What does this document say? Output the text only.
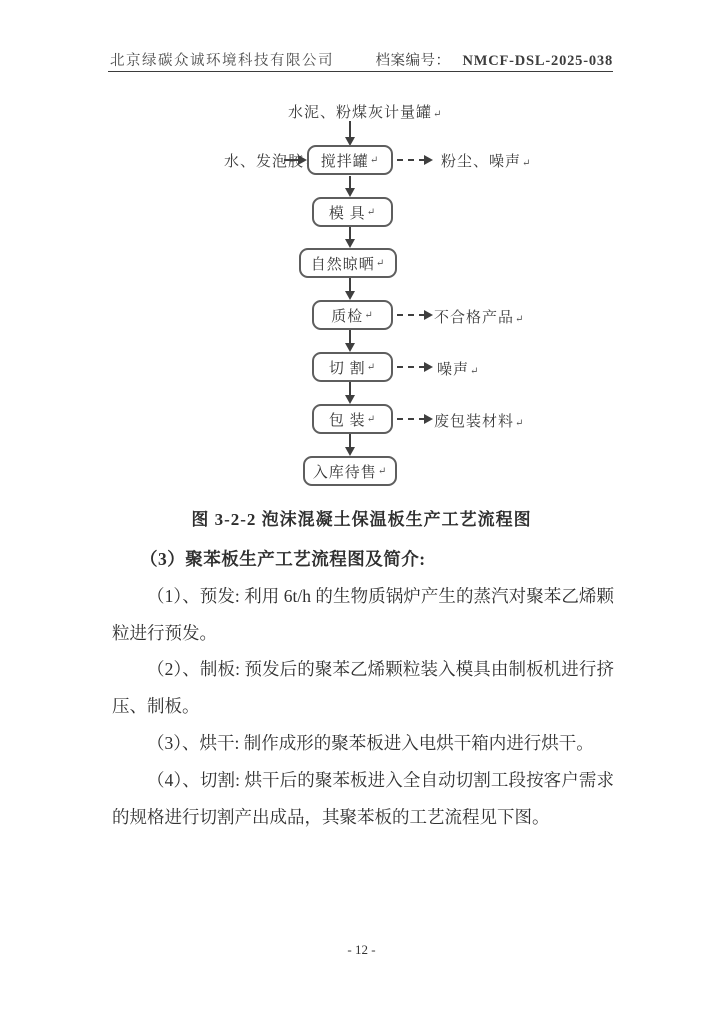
北京绿碳众诚环境科技有限公司	档案编号： NMCF-DSL-2025-038
水泥、粉煤灰计量罐↵
水、发泡胶	搅拌罐 ↵	粉尘、噪声↵
模 具 ↵
自然晾晒 ↵
质检 ↵	不合格产品↵
切 割 ↵	噪声↵
包 装 ↵	废包装材料↵
入库待售 ↵
图 3-2-2 泡沫混凝土保温板生产工艺流程图

（3）聚苯板生产工艺流程图及简介:

（1）、预发: 利用 6t/h 的生物质锅炉产生的蒸汽对聚苯乙烯颗粒进行预发。

（2）、制板: 预发后的聚苯乙烯颗粒装入模具由制板机进行挤压、制板。

（3）、烘干: 制作成形的聚苯板进入电烘干箱内进行烘干。

（4）、切割: 烘干后的聚苯板进入全自动切割工段按客户需求的规格进行切割产出成品，其聚苯板的工艺流程见下图。

- 12 -
